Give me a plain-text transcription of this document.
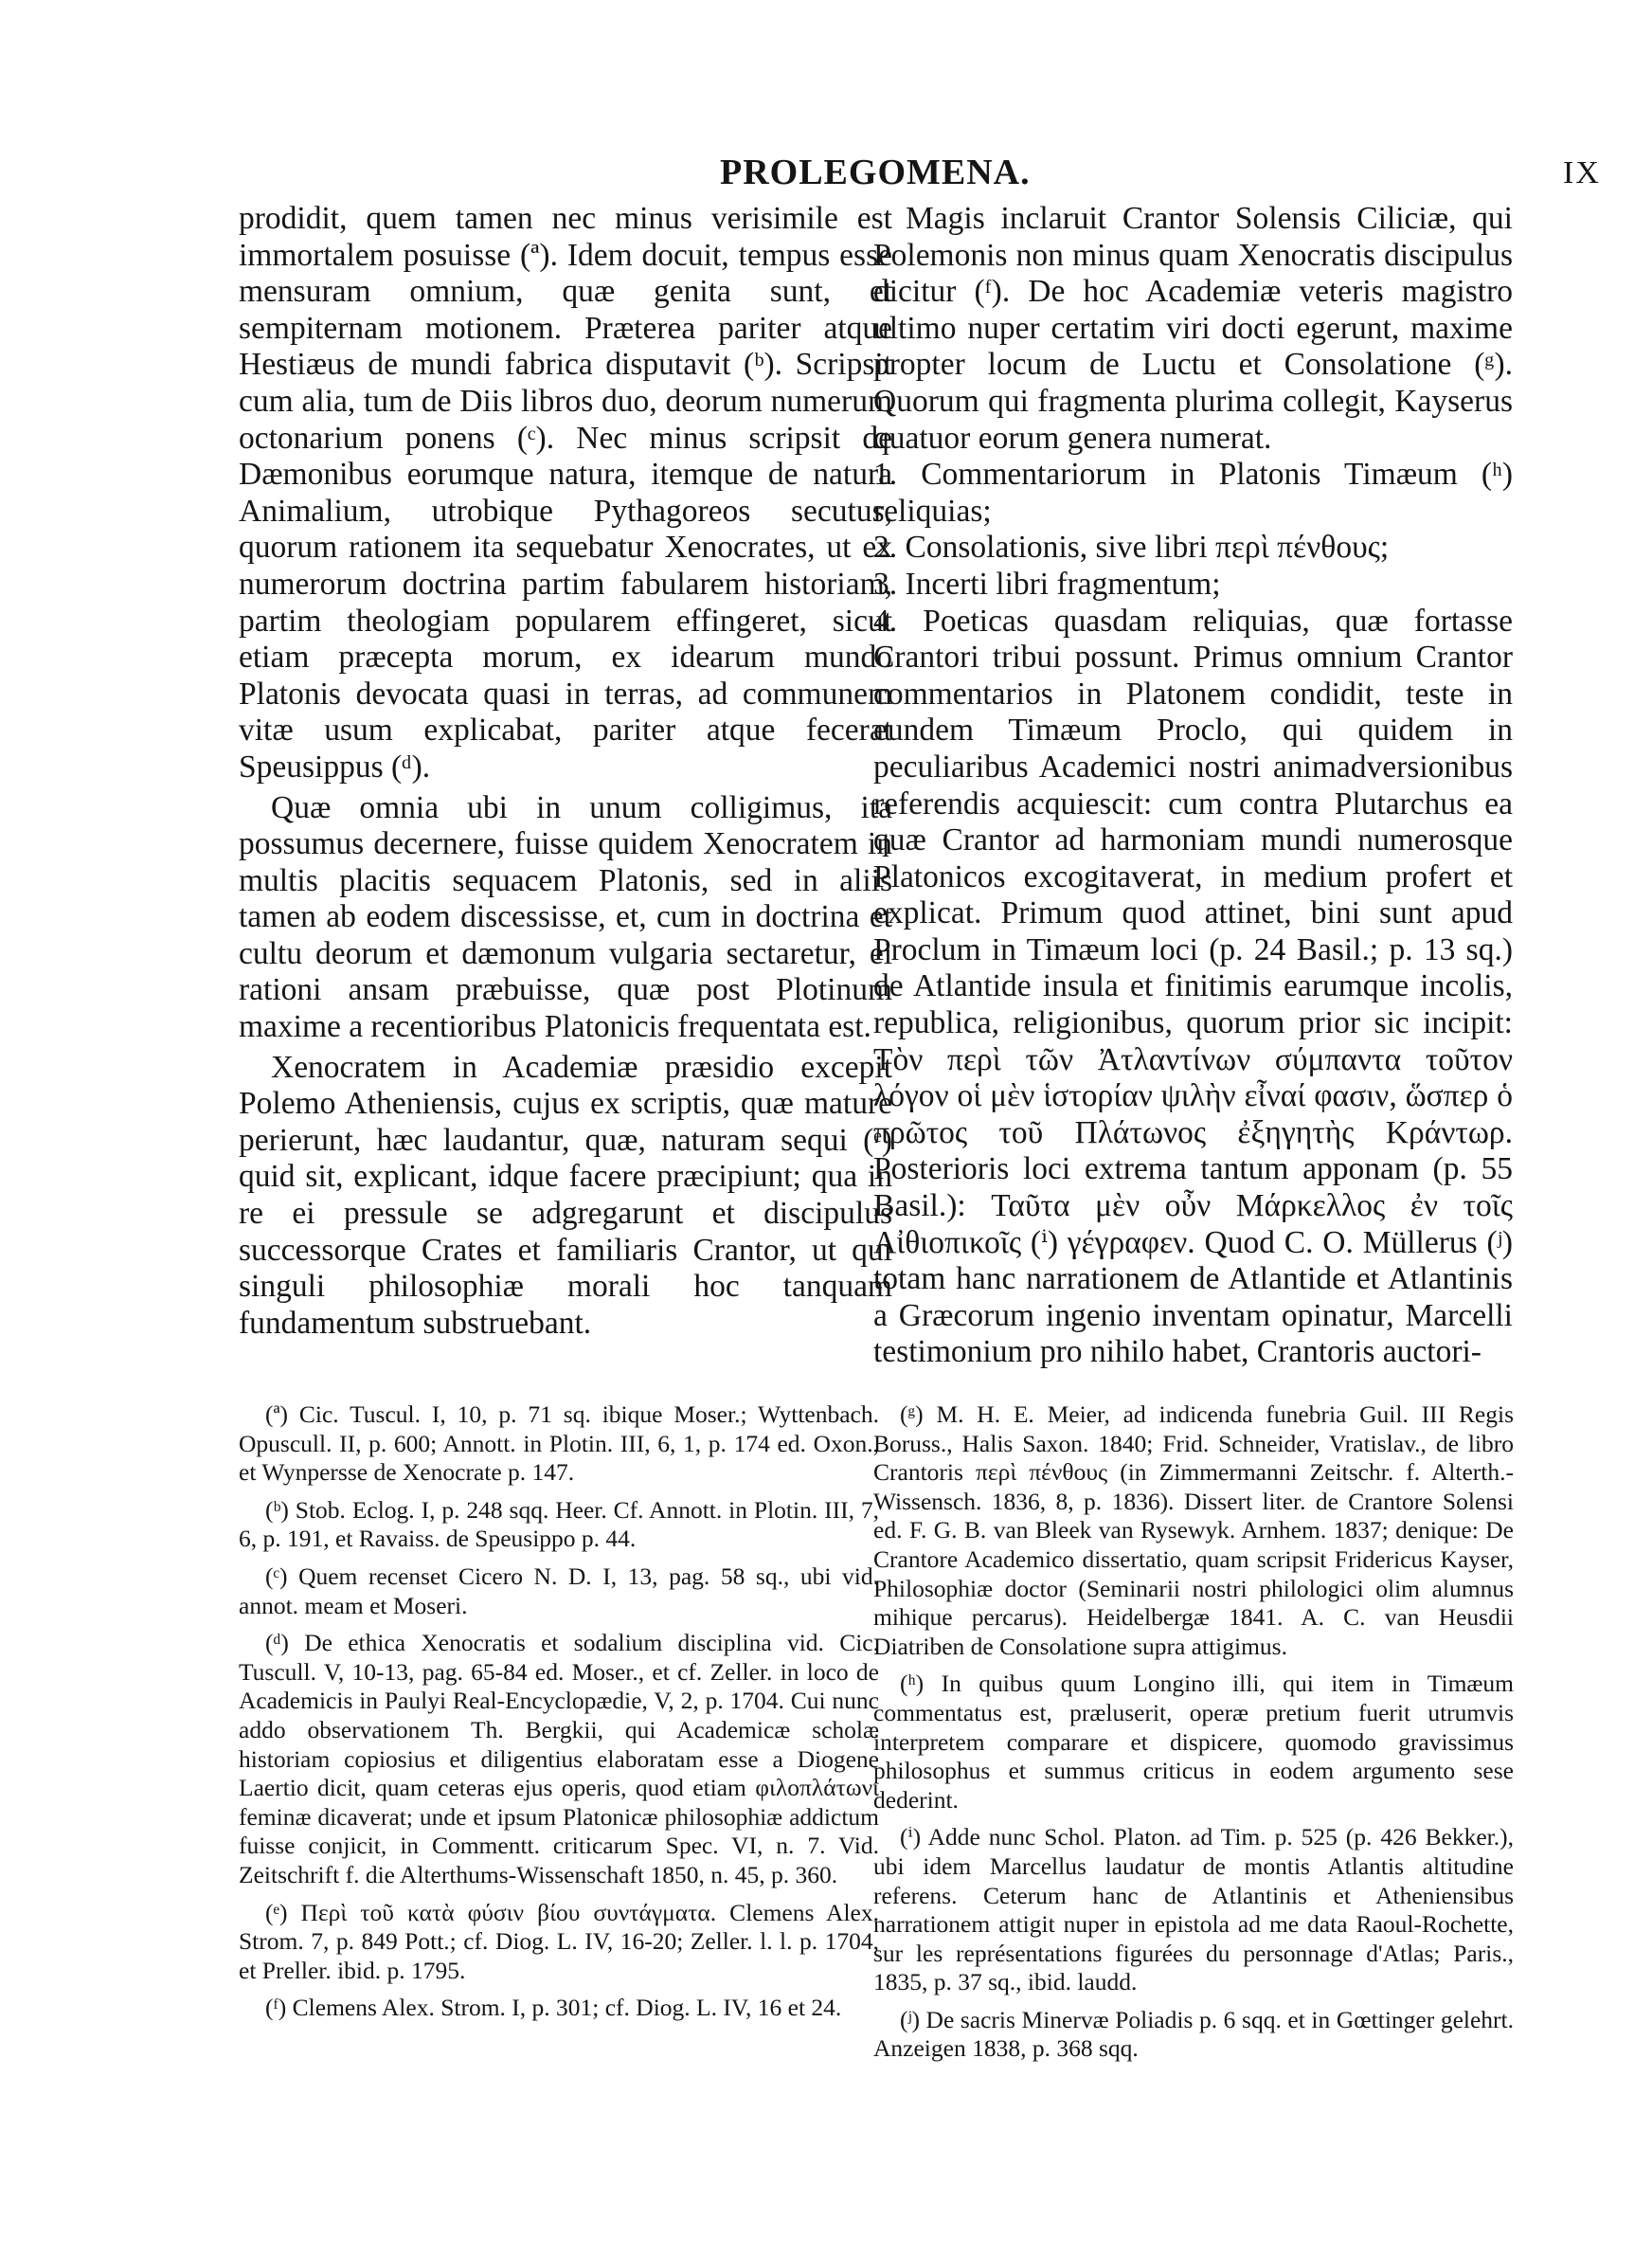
PROLEGOMENA.	IX

prodidit, quem tamen nec minus verisimile est immortalem posuisse (ª). Idem docuit, tempus esse mensuram omnium, quæ genita sunt, et sempiternam motionem. Præterea pariter atque Hestiæus de mundi fabrica disputavit (ᵇ). Scripsit cum alia, tum de Diis libros duo, deorum numerum octonarium ponens (ᶜ). Nec minus scripsit de Dæmonibus eorumque natura, itemque de natura Animalium, utrobique Pythagoreos secutus, quorum rationem ita sequebatur Xenocrates, ut ex numerorum doctrina partim fabularem historiam, partim theologiam popularem effingeret, sicut etiam præcepta morum, ex idearum mundo Platonis devocata quasi in terras, ad communem vitæ usum explicabat, pariter atque fecerat Speusippus (ᵈ).

Quæ omnia ubi in unum colligimus, ita possumus decernere, fuisse quidem Xenocratem in multis placitis sequacem Platonis, sed in aliis tamen ab eodem discessisse, et, cum in doctrina et cultu deorum et dæmonum vulgaria sectaretur, ei rationi ansam præbuisse, quæ post Plotinum maxime a recentioribus Platonicis frequentata est.

Xenocratem in Academiæ præsidio excepit Polemo Atheniensis, cujus ex scriptis, quæ mature perierunt, hæc laudantur, quæ, naturam sequi (ᵉ) quid sit, explicant, idque facere præcipiunt; qua in re ei pressule se adgregarunt et discipulus successorque Crates et familiaris Crantor, ut qui singuli philosophiæ morali hoc tanquam fundamentum substruebant.

Magis inclaruit Crantor Solensis Ciliciæ, qui Polemonis non minus quam Xenocratis discipulus dicitur (ᶠ). De hoc Academiæ veteris magistro ultimo nuper certatim viri docti egerunt, maxime propter locum de Luctu et Consolatione (ᵍ). Quorum qui fragmenta plurima collegit, Kayserus quatuor eorum genera numerat.

1. Commentariorum in Platonis Timæum (ʰ) reliquias;

2. Consolationis, sive libri περὶ πένθους;

3. Incerti libri fragmentum;

4. Poeticas quasdam reliquias, quæ fortasse Crantori tribui possunt. Primus omnium Crantor commentarios in Platonem condidit, teste in eundem Timæum Proclo, qui quidem in peculiaribus Academici nostri animadversionibus referendis acquiescit: cum contra Plutarchus ea quæ Crantor ad harmoniam mundi numerosque Platonicos excogitaverat, in medium profert et explicat. Primum quod attinet, bini sunt apud Proclum in Timæum loci (p. 24 Basil.; p. 13 sq.) de Atlantide insula et finitimis earumque incolis, republica, religionibus, quorum prior sic incipit: Τὸν περὶ τῶν Ἀτλαντίνων σύμπαντα τοῦτον λόγον οἱ μὲν ἱστορίαν ψιλὴν εἶναί φασιν, ὥσπερ ὁ πρῶτος τοῦ Πλάτωνος ἐξηγητὴς Κράντωρ. Posterioris loci extrema tantum apponam (p. 55 Basil.): Ταῦτα μὲν οὖν Μάρκελλος ἐν τοῖς Αἰθιοπικοῖς (ⁱ) γέγραφεν. Quod C. O. Müllerus (ʲ) totam hanc narrationem de Atlantide et Atlantinis a Græcorum ingenio inventam opinatur, Marcelli testimonium pro nihilo habet, Crantoris auctori-

(ª) Cic. Tuscul. I, 10, p. 71 sq. ibique Moser.; Wyttenbach. Opuscull. II, p. 600; Annott. in Plotin. III, 6, 1, p. 174 ed. Oxon., et Wynpersse de Xenocrate p. 147.

(ᵇ) Stob. Eclog. I, p. 248 sqq. Heer. Cf. Annott. in Plotin. III, 7, 6, p. 191, et Ravaiss. de Speusippo p. 44.

(ᶜ) Quem recenset Cicero N. D. I, 13, pag. 58 sq., ubi vid. annot. meam et Moseri.

(ᵈ) De ethica Xenocratis et sodalium disciplina vid. Cic. Tuscull. V, 10-13, pag. 65-84 ed. Moser., et cf. Zeller. in loco de Academicis in Paulyi Real-Encyclopædie, V, 2, p. 1704. Cui nunc addo observationem Th. Bergkii, qui Academicæ scholæ historiam copiosius et diligentius elaboratam esse a Diogene Laertio dicit, quam ceteras ejus operis, quod etiam φιλοπλάτωνι feminæ dicaverat; unde et ipsum Platonicæ philosophiæ addictum fuisse conjicit, in Commentt. criticarum Spec. VI, n. 7. Vid. Zeitschrift f. die Alterthums-Wissenschaft 1850, n. 45, p. 360.

(ᵉ) Περὶ τοῦ κατὰ φύσιν βίου συντάγματα. Clemens Alex. Strom. 7, p. 849 Pott.; cf. Diog. L. IV, 16-20; Zeller. l. l. p. 1704, et Preller. ibid. p. 1795.

(ᶠ) Clemens Alex. Strom. I, p. 301; cf. Diog. L. IV, 16 et 24.

(ᵍ) M. H. E. Meier, ad indicenda funebria Guil. III Regis Boruss., Halis Saxon. 1840; Frid. Schneider, Vratislav., de libro Crantoris περὶ πένθους (in Zimmermanni Zeitschr. f. Alterth.-Wissensch. 1836, 8, p. 1836). Dissert liter. de Crantore Solensi ed. F. G. B. van Bleek van Rysewyk. Arnhem. 1837; denique: De Crantore Academico dissertatio, quam scripsit Fridericus Kayser, Philosophiæ doctor (Seminarii nostri philologici olim alumnus mihique percarus). Heidelbergæ 1841. A. C. van Heusdii Diatriben de Consolatione supra attigimus.

(ʰ) In quibus quum Longino illi, qui item in Timæum commentatus est, præluserit, operæ pretium fuerit utrumvis interpretem comparare et dispicere, quomodo gravissimus philosophus et summus criticus in eodem argumento sese dederint.

(ⁱ) Adde nunc Schol. Platon. ad Tim. p. 525 (p. 426 Bekker.), ubi idem Marcellus laudatur de montis Atlantis altitudine referens. Ceterum hanc de Atlantinis et Atheniensibus narrationem attigit nuper in epistola ad me data Raoul-Rochette, sur les représentations figurées du personnage d'Atlas; Paris., 1835, p. 37 sq., ibid. laudd.

(ʲ) De sacris Minervæ Poliadis p. 6 sqq. et in Gœttinger gelehrt. Anzeigen 1838, p. 368 sqq.
